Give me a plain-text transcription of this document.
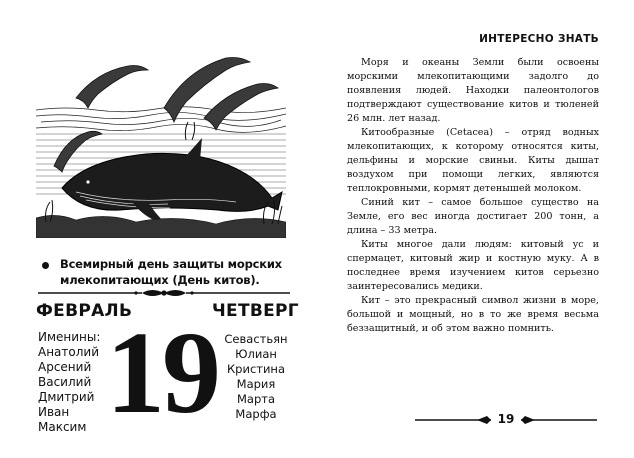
Всемирный день защиты морских млекопитающих (День китов).
ФЕВРАЛЬ	ЧЕТВЕРГ
Именины:
Анатолий
Арсений
Василий
Дмитрий
Иван
Максим 19 Севастьян
Юлиан
Кристина
Мария
Марта
Марфа
ИНТЕРЕСНО ЗНАТЬ

Моря и океаны Земли были освоены морскими млекопитающими задолго до появления людей. Находки палеонтологов подтверждают существование китов и тюленей 26 млн. лет назад.

Китообразные (Cetacea) – отряд водных млекопитающих, к которому относятся киты, дельфины и морские свиньи. Киты дышат воздухом при помощи легких, являются теплокровными, кормят детенышей молоком.

Синий кит – самое большое существо на Земле, его вес иногда достигает 200 тонн, а длина – 33 метра.

Киты многое дали людям: китовый ус и спермацет, китовый жир и костную муку. А в последнее время изучением китов серьезно заинтересовались медики.

Кит – это прекрасный символ жизни в море, большой и мощный, но в то же время весьма беззащитный, и об этом важно помнить.

19
